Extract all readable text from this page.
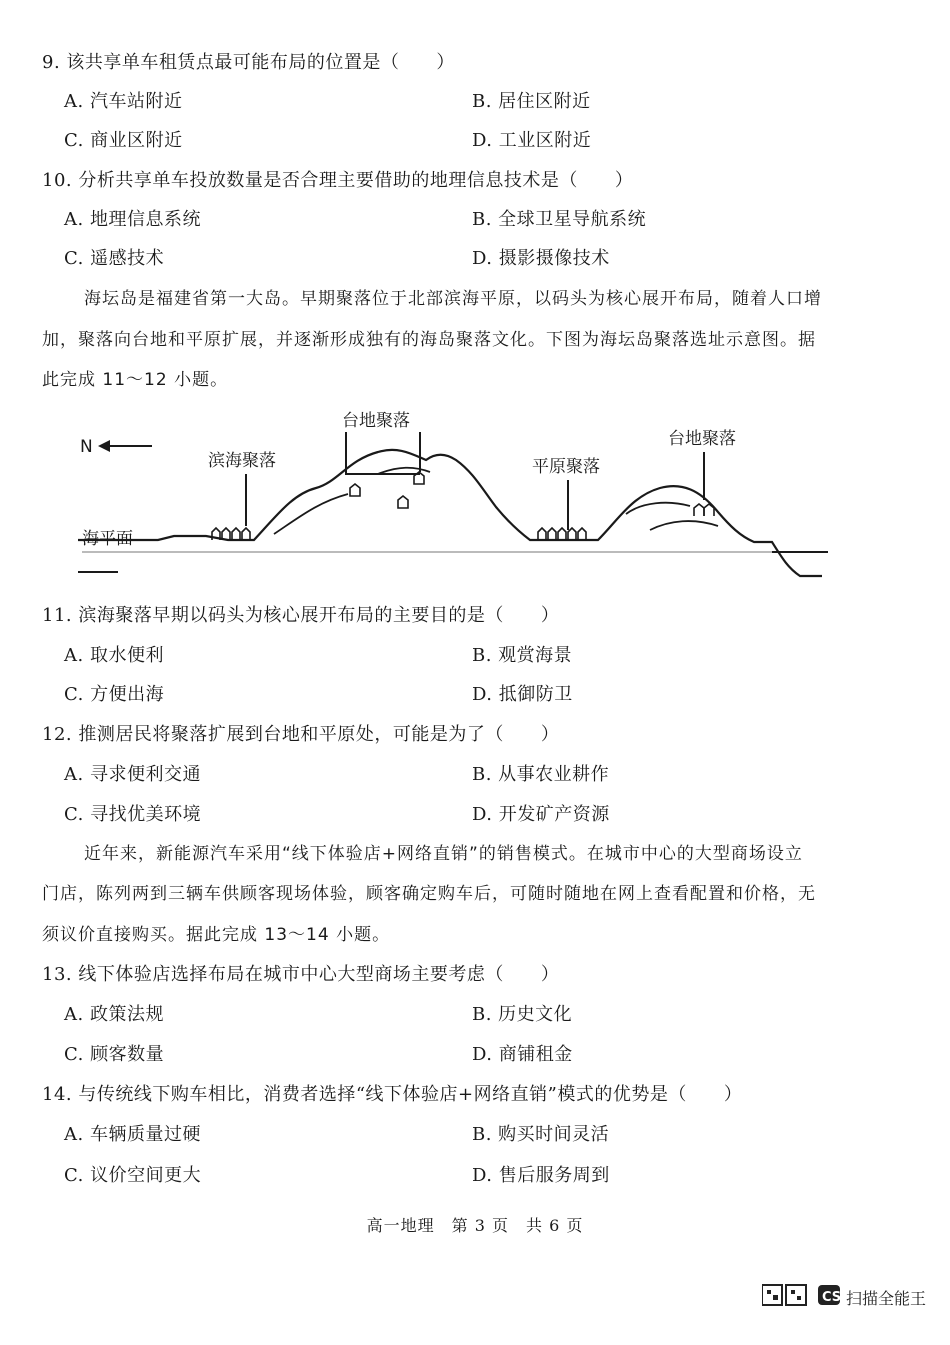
9. 该共享单车租赁点最可能布局的位置是（　　）
A. 汽车站附近	B. 居住区附近
C. 商业区附近	D. 工业区附近
10. 分析共享单车投放数量是否合理主要借助的地理信息技术是（　　）
A. 地理信息系统	B. 全球卫星导航系统
C. 遥感技术	D. 摄影摄像技术
海坛岛是福建省第一大岛。早期聚落位于北部滨海平原，以码头为核心展开布局，随着人口增
加，聚落向台地和平原扩展，并逐渐形成独有的海岛聚落文化。下图为海坛岛聚落选址示意图。据
此完成 11～12 小题。
N
海平面
滨海聚落
台地聚落
平原聚落
台地聚落
11. 滨海聚落早期以码头为核心展开布局的主要目的是（　　）
A. 取水便利	B. 观赏海景
C. 方便出海	D. 抵御防卫
12. 推测居民将聚落扩展到台地和平原处，可能是为了（　　）
A. 寻求便利交通	B. 从事农业耕作
C. 寻找优美环境	D. 开发矿产资源
近年来，新能源汽车采用“线下体验店+网络直销”的销售模式。在城市中心的大型商场设立
门店，陈列两到三辆车供顾客现场体验，顾客确定购车后，可随时随地在网上查看配置和价格，无
须议价直接购买。据此完成 13～14 小题。
13. 线下体验店选择布局在城市中心大型商场主要考虑（　　）
A. 政策法规	B. 历史文化
C. 顾客数量	D. 商铺租金
14. 与传统线下购车相比，消费者选择“线下体验店+网络直销”模式的优势是（　　）
A. 车辆质量过硬	B. 购买时间灵活
C. 议价空间更大	D. 售后服务周到
高一地理　第 3 页　共 6 页
CS 扫描全能王
